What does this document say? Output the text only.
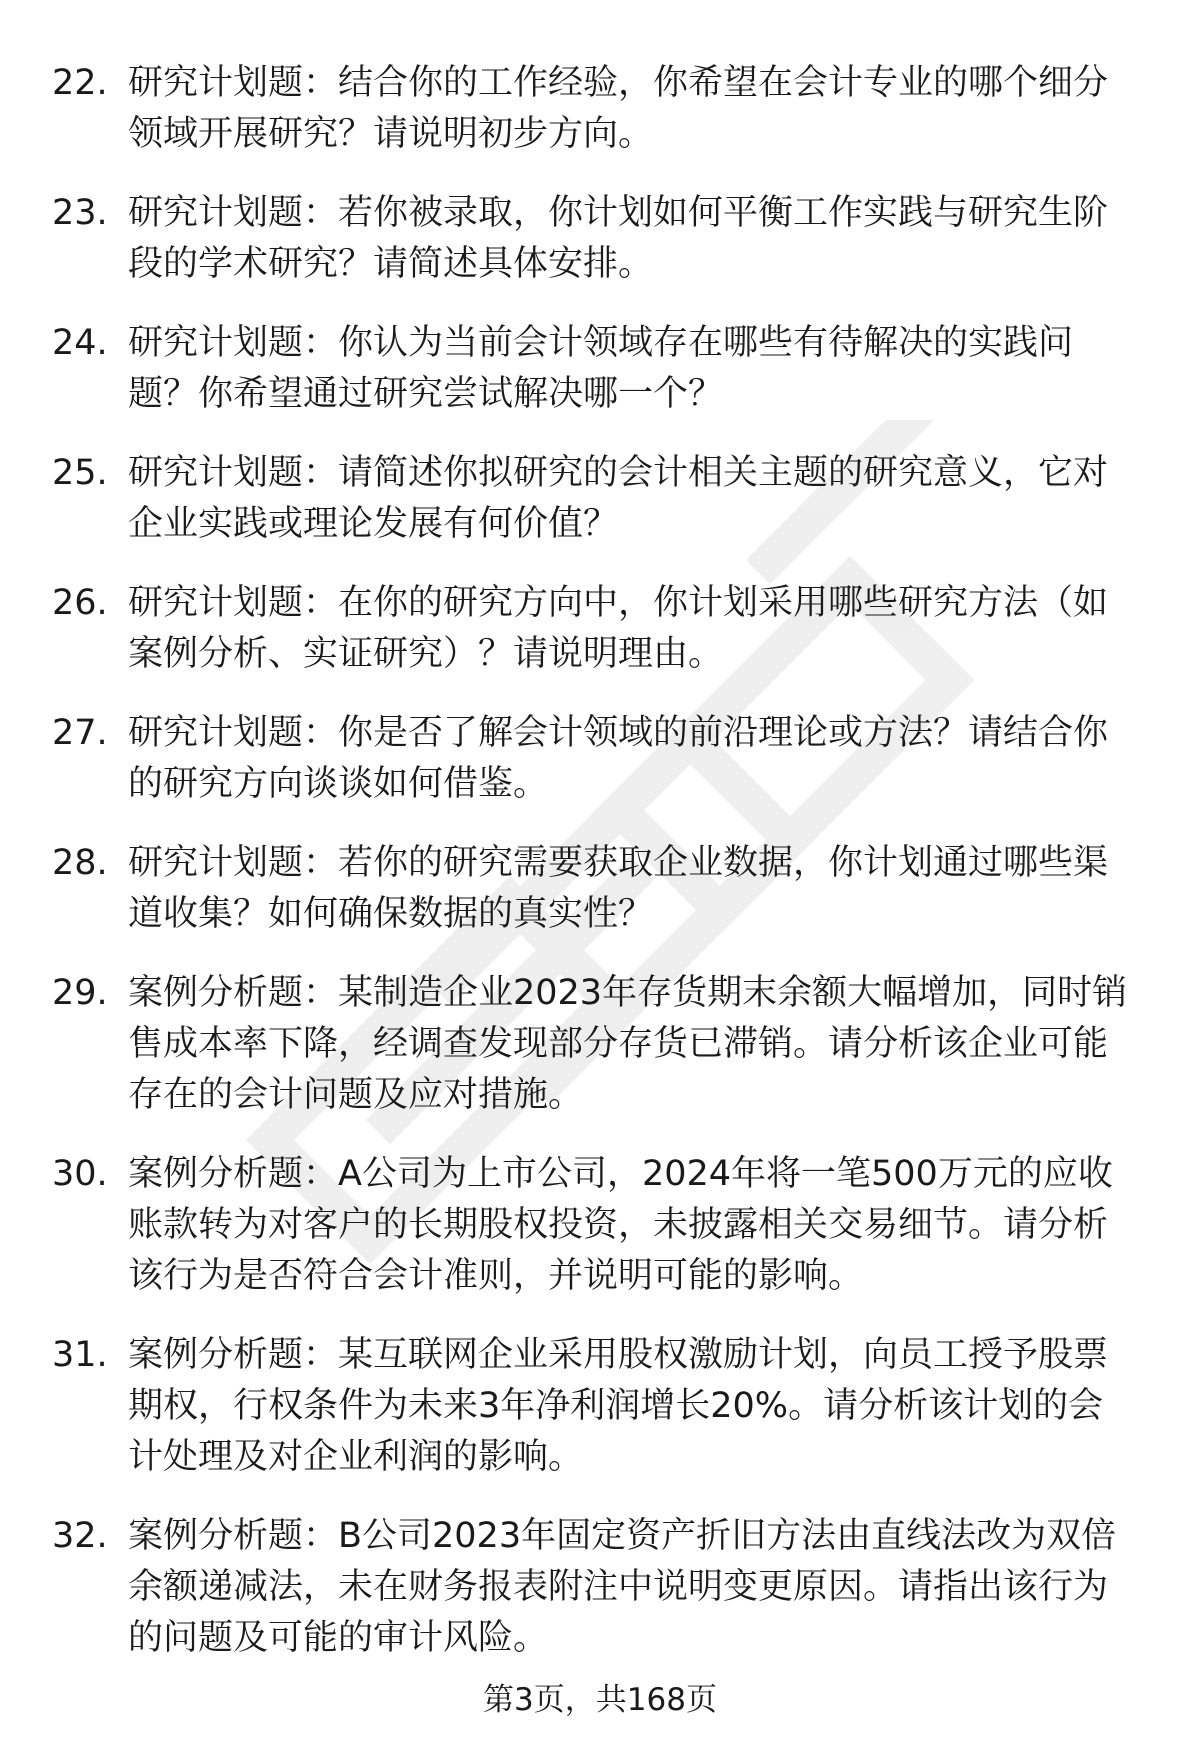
22. 研究计划题：结合你的工作经验，你希望在会计专业的哪个细分
领域开展研究？请说明初步方向。
23. 研究计划题：若你被录取，你计划如何平衡工作实践与研究生阶
段的学术研究？请简述具体安排。
24. 研究计划题：你认为当前会计领域存在哪些有待解决的实践问
题？你希望通过研究尝试解决哪一个？
25. 研究计划题：请简述你拟研究的会计相关主题的研究意义，它对
企业实践或理论发展有何价值？
26. 研究计划题：在你的研究方向中，你计划采用哪些研究方法（如
案例分析、实证研究）？请说明理由。
27. 研究计划题：你是否了解会计领域的前沿理论或方法？请结合你
的研究方向谈谈如何借鉴。
28. 研究计划题：若你的研究需要获取企业数据，你计划通过哪些渠
道收集？如何确保数据的真实性？
29. 案例分析题：某制造企业2023年存货期末余额大幅增加，同时销
售成本率下降，经调查发现部分存货已滞销。请分析该企业可能
存在的会计问题及应对措施。
30. 案例分析题：A公司为上市公司，2024年将一笔500万元的应收
账款转为对客户的长期股权投资，未披露相关交易细节。请分析
该行为是否符合会计准则，并说明可能的影响。
31. 案例分析题：某互联网企业采用股权激励计划，向员工授予股票
期权，行权条件为未来3年净利润增长20%。请分析该计划的会
计处理及对企业利润的影响。
32. 案例分析题：B公司2023年固定资产折旧方法由直线法改为双倍
余额递减法，未在财务报表附注中说明变更原因。请指出该行为
的问题及可能的审计风险。
第3页，共168页
